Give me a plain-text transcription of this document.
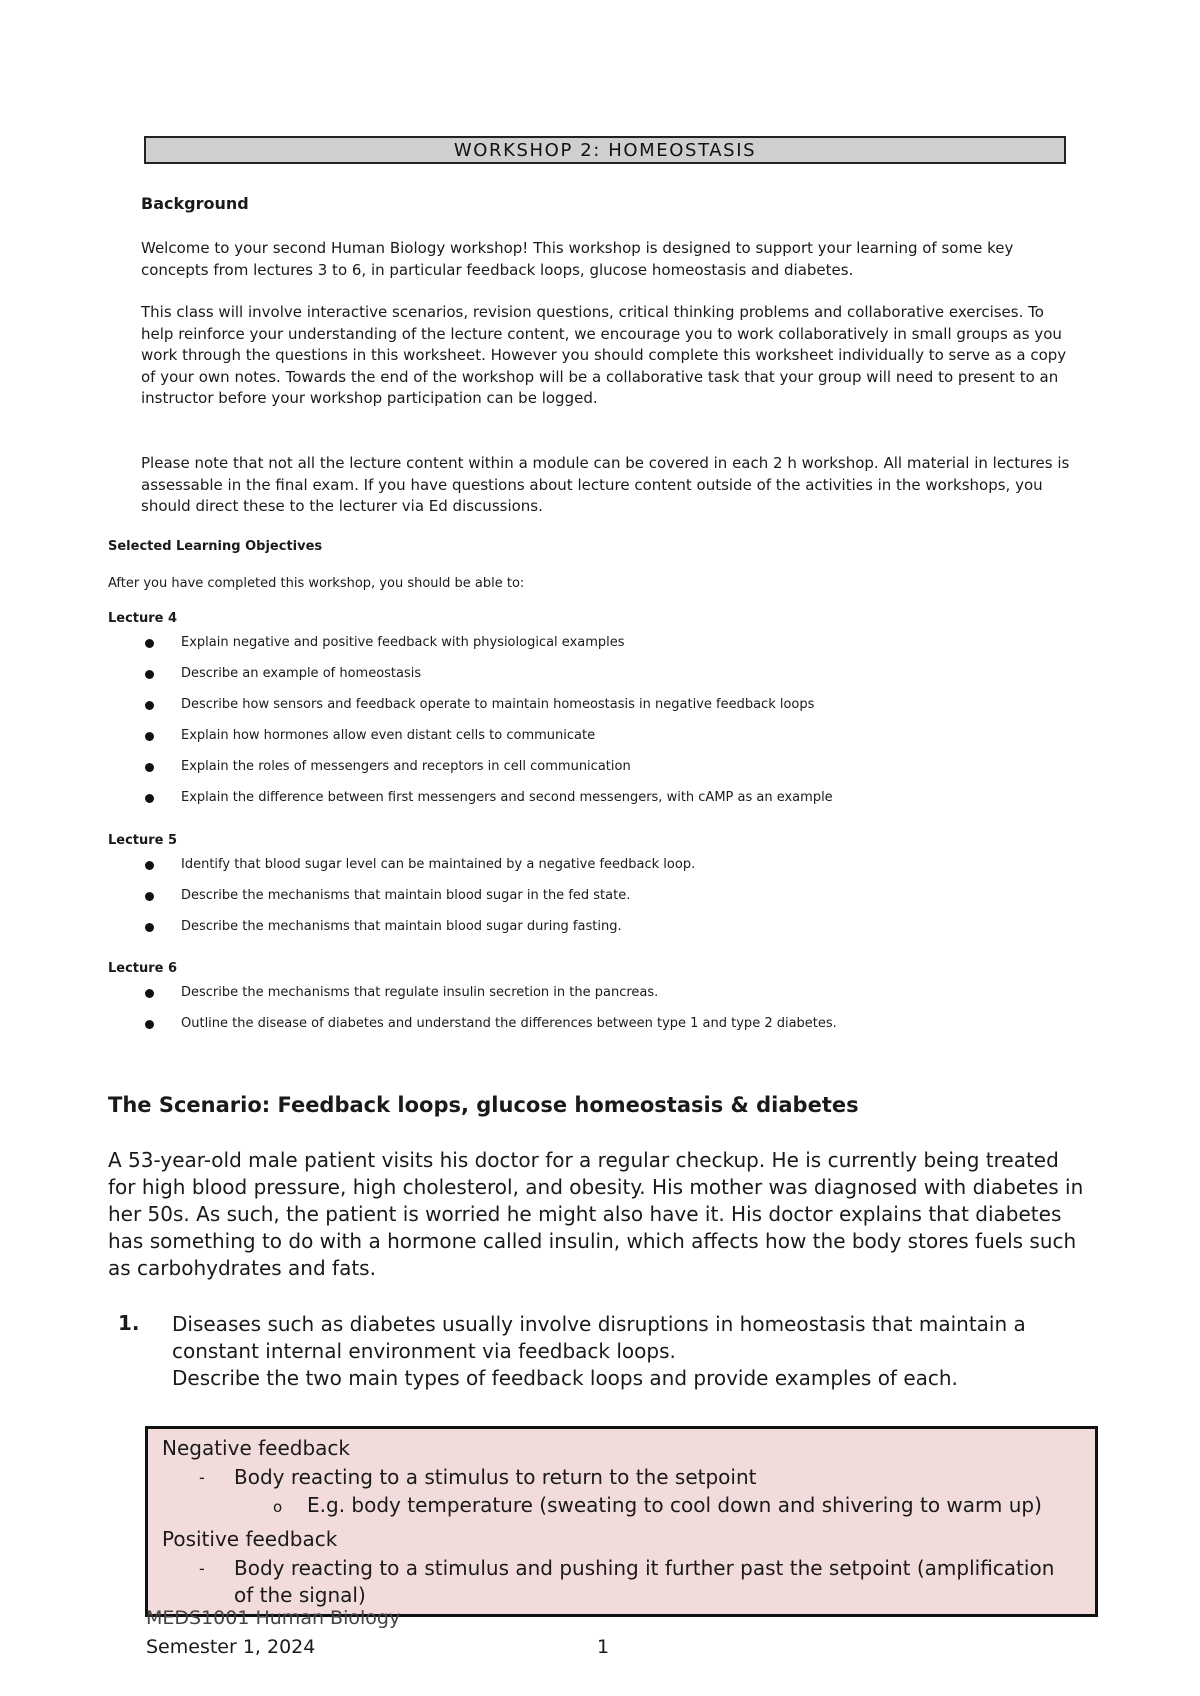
WORKSHOP 2: HOMEOSTASIS
Background
Welcome to your second Human Biology workshop! This workshop is designed to support your learning of some key concepts from lectures 3 to 6, in particular feedback loops, glucose homeostasis and diabetes.
This class will involve interactive scenarios, revision questions, critical thinking problems and collaborative exercises. To help reinforce your understanding of the lecture content, we encourage you to work collaboratively in small groups as you work through the questions in this worksheet. However you should complete this worksheet individually to serve as a copy of your own notes. Towards the end of the workshop will be a collaborative task that your group will need to present to an instructor before your workshop participation can be logged.
Please note that not all the lecture content within a module can be covered in each 2 h workshop. All material in lectures is assessable in the final exam. If you have questions about lecture content outside of the activities in the workshops, you should direct these to the lecturer via Ed discussions.
Selected Learning Objectives
After you have completed this workshop, you should be able to:
Lecture 4
Explain negative and positive feedback with physiological examples
Describe an example of homeostasis
Describe how sensors and feedback operate to maintain homeostasis in negative feedback loops
Explain how hormones allow even distant cells to communicate
Explain the roles of messengers and receptors in cell communication
Explain the difference between first messengers and second messengers, with cAMP as an example
Lecture 5
Identify that blood sugar level can be maintained by a negative feedback loop.
Describe the mechanisms that maintain blood sugar in the fed state.
Describe the mechanisms that maintain blood sugar during fasting.
Lecture 6
Describe the mechanisms that regulate insulin secretion in the pancreas.
Outline the disease of diabetes and understand the differences between type 1 and type 2 diabetes.
The Scenario: Feedback loops, glucose homeostasis & diabetes
A 53-year-old male patient visits his doctor for a regular checkup. He is currently being treated for high blood pressure, high cholesterol, and obesity. His mother was diagnosed with diabetes in her 50s. As such, the patient is worried he might also have it. His doctor explains that diabetes has something to do with a hormone called insulin, which affects how the body stores fuels such as carbohydrates and fats.
1. Diseases such as diabetes usually involve disruptions in homeostasis that maintain a constant internal environment via feedback loops.
Describe the two main types of feedback loops and provide examples of each.
Negative feedback
- Body reacting to a stimulus to return to the setpoint
o E.g. body temperature (sweating to cool down and shivering to warm up)
Positive feedback
- Body reacting to a stimulus and pushing it further past the setpoint (amplification
of the signal)
MEDS1001 Human Biology
Semester 1, 2024	1
